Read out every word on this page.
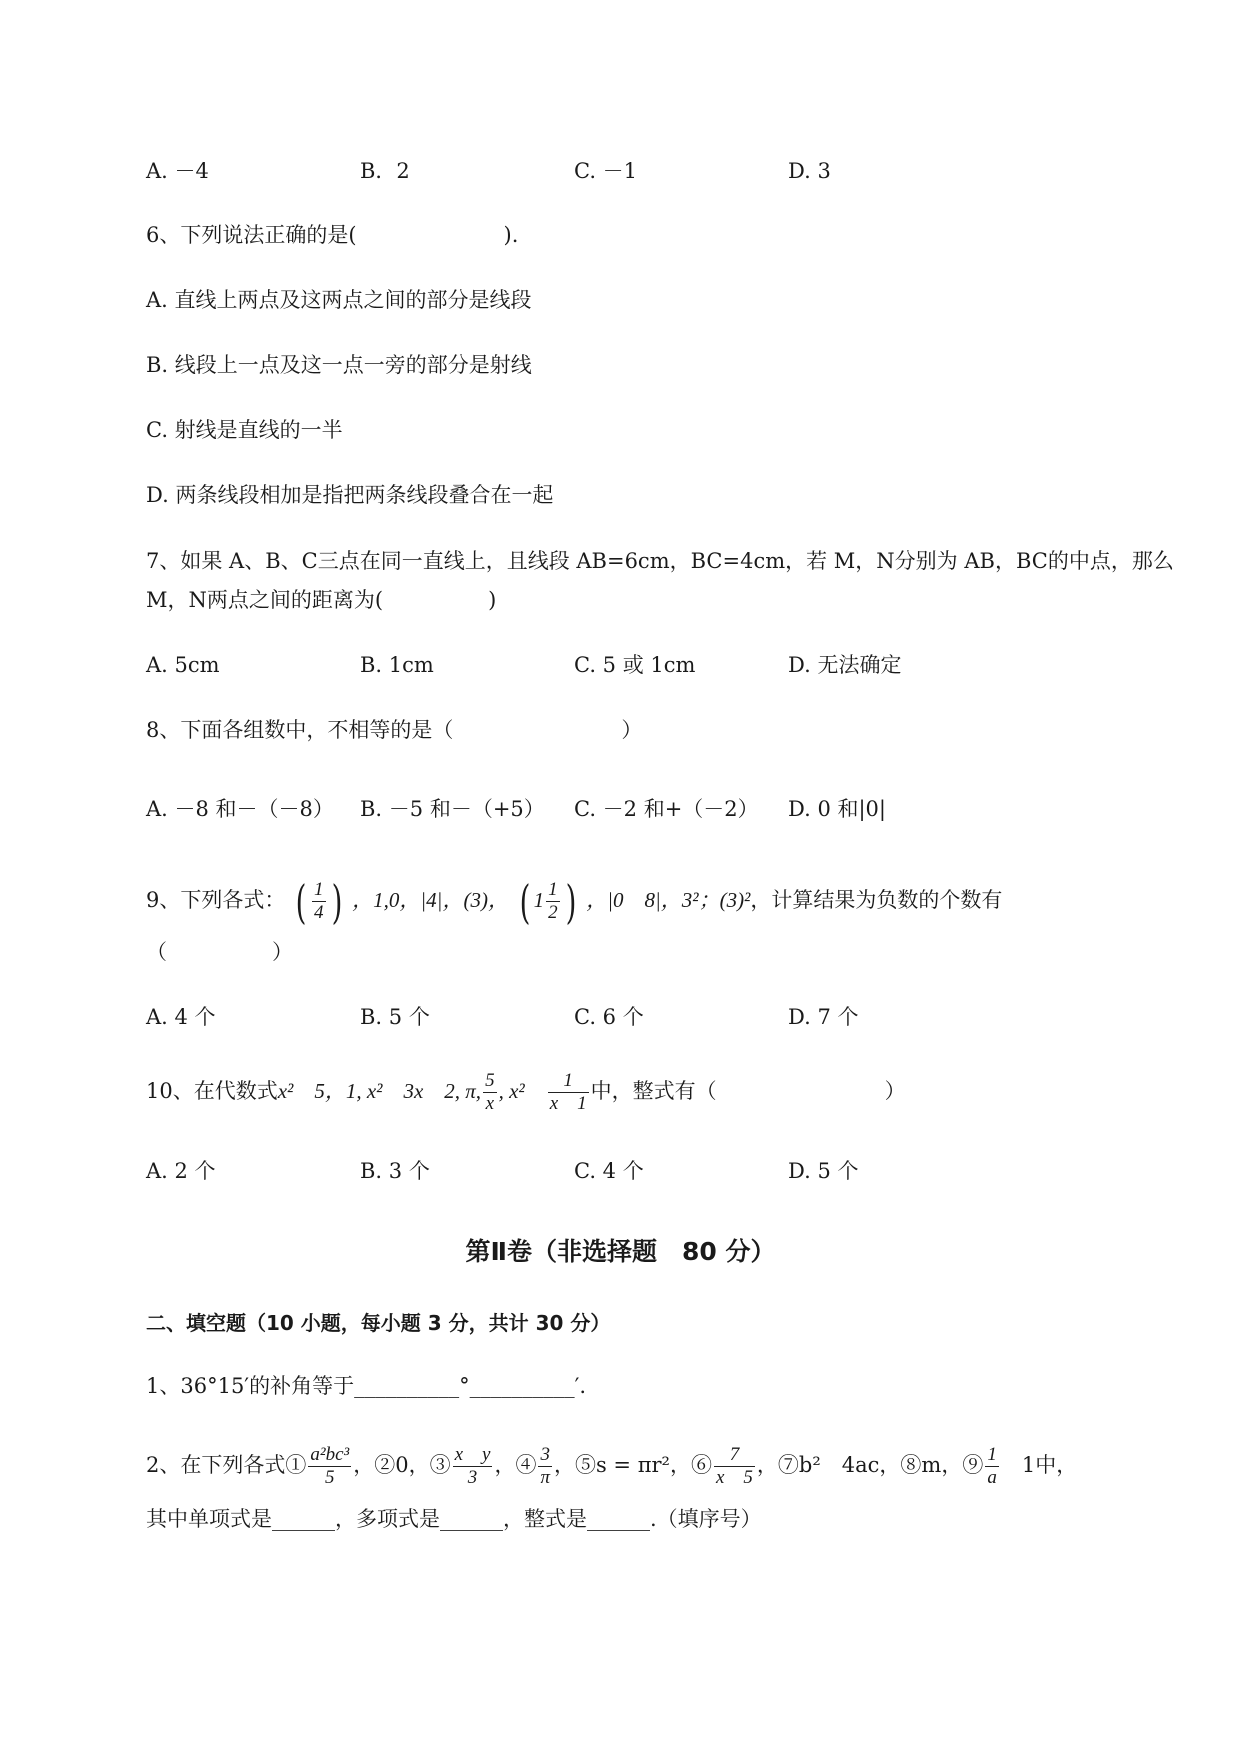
A. －4	B．2	C. －1	D. 3
6、下列说法正确的是(　　　　　　　).
A. 直线上两点及这两点之间的部分是线段
B. 线段上一点及这一点一旁的部分是射线
C. 射线是直线的一半
D. 两条线段相加是指把两条线段叠合在一起
7、如果 A、B、C三点在同一直线上，且线段 AB=6cm，BC=4cm，若 M，N分别为 AB，BC的中点，那么
M，N两点之间的距离为(　　　　　)
A. 5cm	B. 1cm	C. 5 或 1cm	D. 无法确定
8、下面各组数中，不相等的是（　　　　　　　　）
A. －8 和－（－8） B. －5 和－（+5） C. －2 和+（－2） D. 0 和|0|
9、下列各式： ( $\frac{1}{4}$ ) ，1,0，|4|，(3)， ( $1 \frac{1}{2}$ ) ，|0　8|，3²；(3)²，计算结果为负数的个数有
（　　　　　）
A. 4 个	B. 5 个	C. 6 个	D. 7 个
10、在代数式x²　5，1, x²　3x　2, π, $\frac{5}{x}$ , x²　 $\frac{1}{x 1}$ 中，整式有（　　　　　　　　）
A. 2 个	B. 3 个	C. 4 个	D. 5 个
第Ⅱ卷（非选择题　80 分）
二、填空题（10 小题，每小题 3 分，共计 30 分）
1、36°15′的补角等于__________°__________′.
2、在下列各式① $\frac{\text{a²bc³}}{5}$ ，②0，③ $\frac{\text{x　y}}{3}$ ，④ $\frac{3}{\pi}$ ，⑤s = πr²，⑥ $\frac{7}{x 5}$ ，⑦b²　4ac，⑧m，⑨ $\frac{1}{a}$ 　1中，
其中单项式是______，多项式是______，整式是______.（填序号）
